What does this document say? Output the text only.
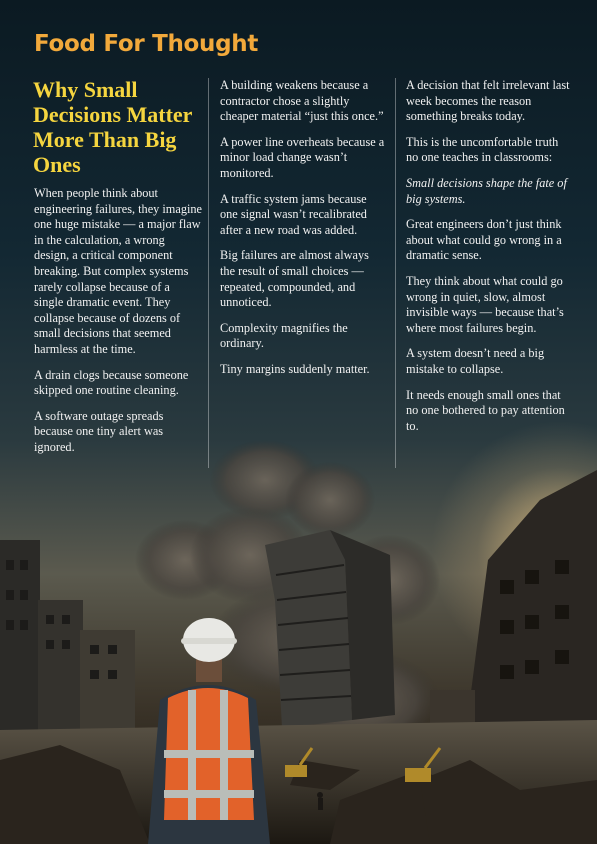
Food For Thought
Why Small Decisions Matter More Than Big Ones

When people think about engineering failures, they imagine one huge mistake — a major flaw in the calculation, a wrong design, a critical component breaking. But complex systems rarely collapse because of a single dramatic event. They collapse because of dozens of small decisions that seemed harmless at the time.

A drain clogs because someone skipped one routine cleaning.

A software outage spreads because one tiny alert was ignored.

A building weakens because a contractor chose a slightly cheaper material “just this once.”

A power line overheats because a minor load change wasn’t monitored.

A traffic system jams because one signal wasn’t recalibrated after a new road was added.

Big failures are almost always the result of small choices — repeated, compounded, and unnoticed.

Complexity magnifies the ordinary.

Tiny margins suddenly matter.

A decision that felt irrelevant last week becomes the reason something breaks today.

This is the uncomfortable truth no one teaches in classrooms:

Small decisions shape the fate of big systems.

Great engineers don’t just think about what could go wrong in a dramatic sense.

They think about what could go wrong in quiet, slow, almost invisible ways — because that’s where most failures begin.

A system doesn’t need a big mistake to collapse.

It needs enough small ones that no one bothered to pay attention to.
